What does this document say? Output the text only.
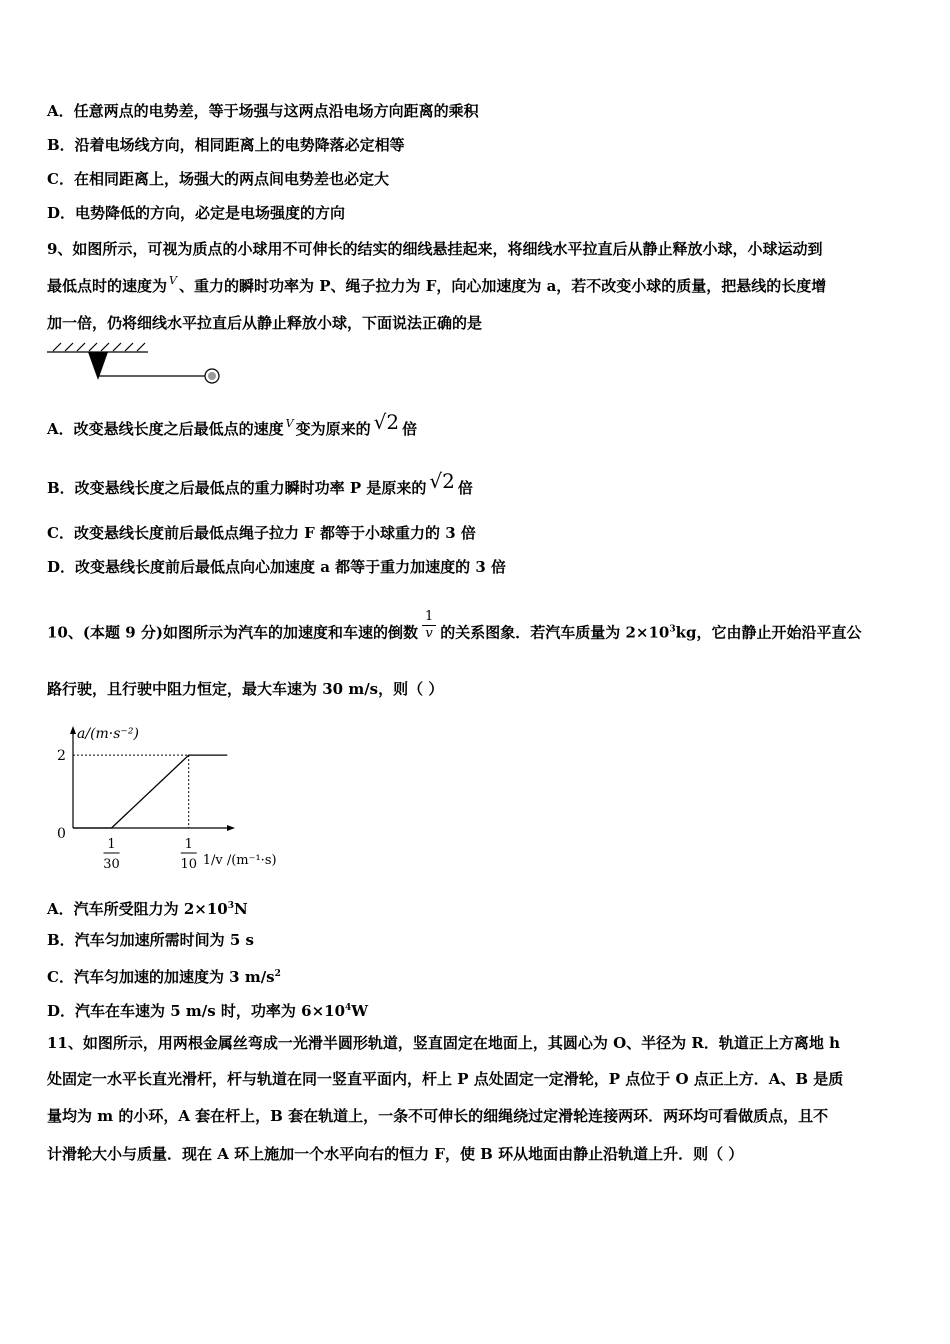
A．任意两点的电势差，等于场强与这两点沿电场方向距离的乘积
B．沿着电场线方向，相同距离上的电势降落必定相等
C．在相同距离上，场强大的两点间电势差也必定大
D．电势降低的方向，必定是电场强度的方向
9、如图所示，可视为质点的小球用不可伸长的结实的细线悬挂起来，将细线水平拉直后从静止释放小球，小球运动到
最低点时的速度为 $^V$ 、重力的瞬时功率为 P、绳子拉力为 F，向心加速度为 a，若不改变小球的质量，把悬线的长度增
加一倍，仍将细线水平拉直后从静止释放小球，下面说法正确的是
A．改变悬线长度之后最低点的速度 $^V$ 变为原来的 √2 倍
B．改变悬线长度之后最低点的重力瞬时功率 P 是原来的 √2 倍
C．改变悬线长度前后最低点绳子拉力 F 都等于小球重力的 3 倍
D．改变悬线长度前后最低点向心加速度 a 都等于重力加速度的 3 倍
10、(本题 9 分)如图所示为汽车的加速度和车速的倒数 $\frac{1}{v}$ 的关系图象．若汽车质量为 $2\times 10^3kg$，它由静止开始沿平直公
路行驶，且行驶中阻力恒定，最大车速为 30 m/s，则（ ）
a/(m·s⁻²)
1/v /(m⁻¹·s)
0
2
1
30
1
10
A．汽车所受阻力为 $2\times 10^3N$
B．汽车匀加速所需时间为 5 s
C．汽车匀加速的加速度为 3 $m/s^2$
D．汽车在车速为 5 m/s 时，功率为 $6\times 10^4W$
11、如图所示，用两根金属丝弯成一光滑半圆形轨道，竖直固定在地面上，其圆心为 O、半径为 R．轨道正上方离地 h
处固定一水平长直光滑杆，杆与轨道在同一竖直平面内，杆上 P 点处固定一定滑轮，P 点位于 O 点正上方．A、B 是质
量均为 m 的小环，A 套在杆上，B 套在轨道上，一条不可伸长的细绳绕过定滑轮连接两环．两环均可看做质点，且不
计滑轮大小与质量．现在 A 环上施加一个水平向右的恒力 F，使 B 环从地面由静止沿轨道上升．则（ ）
